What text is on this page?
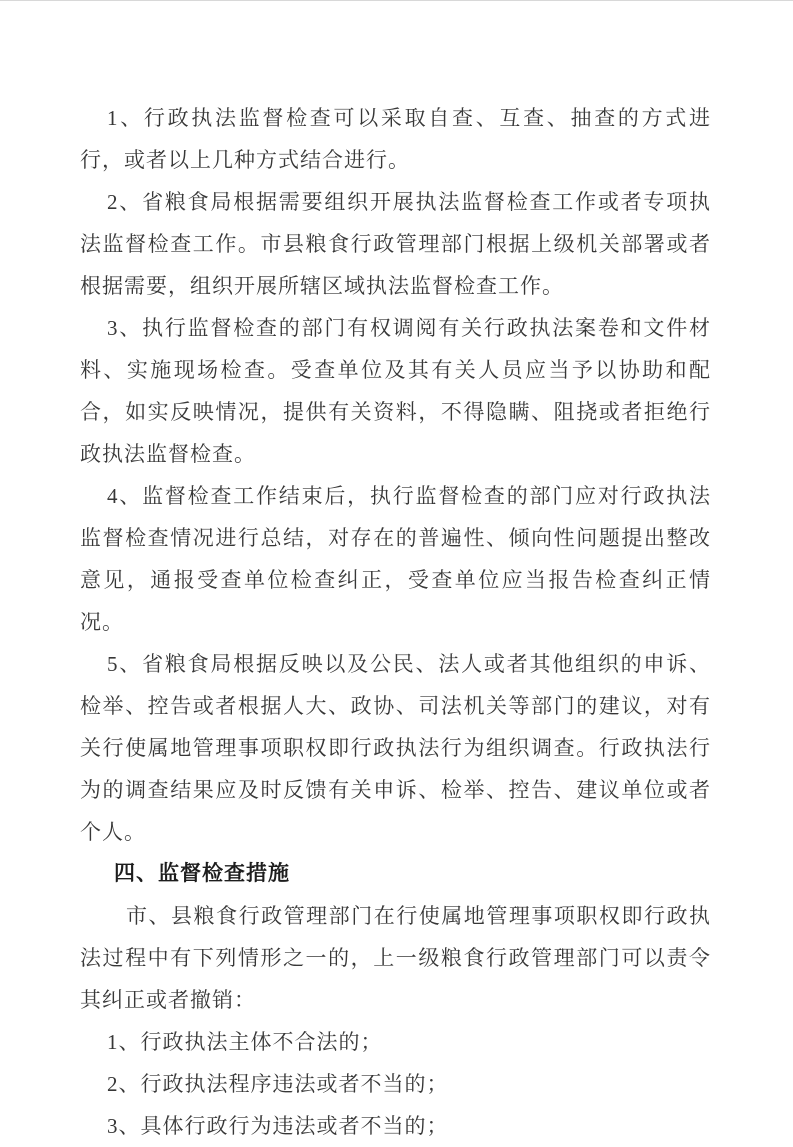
1、行政执法监督检查可以采取自查、互查、抽查的方式进行，或者以上几种方式结合进行。

2、省粮食局根据需要组织开展执法监督检查工作或者专项执法监督检查工作。市县粮食行政管理部门根据上级机关部署或者根据需要，组织开展所辖区域执法监督检查工作。

3、执行监督检查的部门有权调阅有关行政执法案卷和文件材料、实施现场检查。受查单位及其有关人员应当予以协助和配合，如实反映情况，提供有关资料，不得隐瞒、阻挠或者拒绝行政执法监督检查。

4、监督检查工作结束后，执行监督检查的部门应对行政执法监督检查情况进行总结，对存在的普遍性、倾向性问题提出整改意见，通报受查单位检查纠正，受查单位应当报告检查纠正情况。

5、省粮食局根据反映以及公民、法人或者其他组织的申诉、检举、控告或者根据人大、政协、司法机关等部门的建议，对有关行使属地管理事项职权即行政执法行为组织调查。行政执法行为的调查结果应及时反馈有关申诉、检举、控告、建议单位或者个人。

四、监督检查措施

市、县粮食行政管理部门在行使属地管理事项职权即行政执法过程中有下列情形之一的，上一级粮食行政管理部门可以责令其纠正或者撤销：

1、行政执法主体不合法的；

2、行政执法程序违法或者不当的；

3、具体行政行为违法或者不当的；
